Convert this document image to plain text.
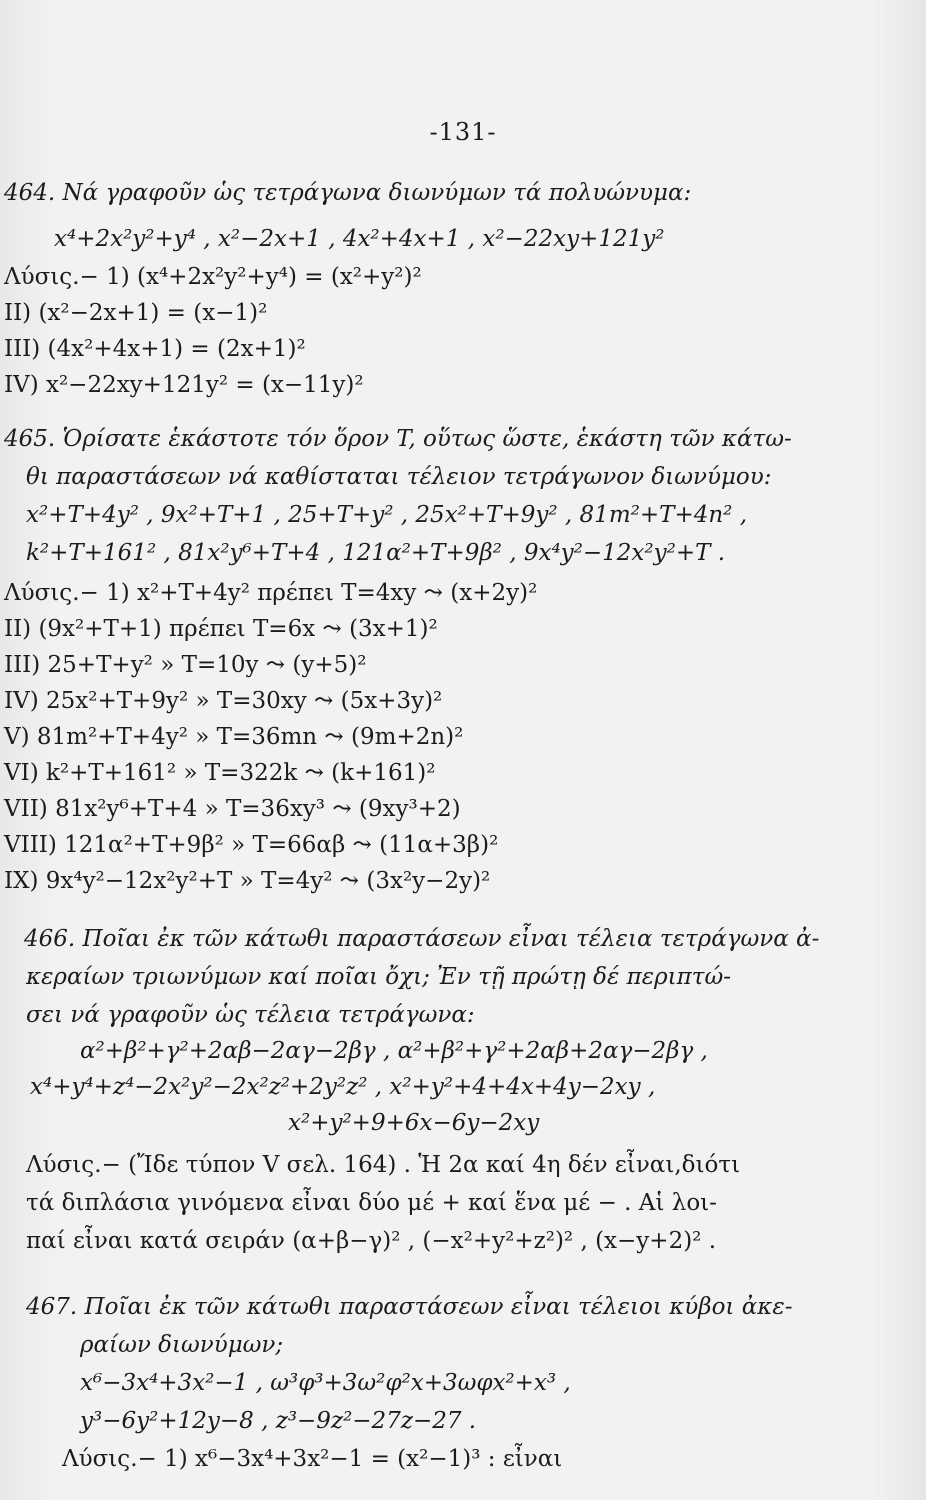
-131-
464. Νά γραφοῦν ὡς τετράγωνα διωνύμων τά πολυώνυμα:
x⁴+2x²y²+y⁴ , x²−2x+1 , 4x²+4x+1 , x²−22xy+121y²
Λύσις.− 1) (x⁴+2x²y²+y⁴) = (x²+y²)²
II) (x²−2x+1) = (x−1)²
III) (4x²+4x+1) = (2x+1)²
IV) x²−22xy+121y² = (x−11y)²
465. Ὁρίσατε ἑκάστοτε τόν ὅρον T, οὕτως ὥστε, ἑκάστη τῶν κάτω-
θι παραστάσεων νά καθίσταται τέλειον τετράγωνον διωνύμου:
x²+T+4y² , 9x²+T+1 , 25+T+y² , 25x²+T+9y² , 81m²+T+4n² ,
k²+T+161² , 81x²y⁶+T+4 , 121α²+T+9β² , 9x⁴y²−12x²y²+T .
Λύσις.− 1) x²+T+4y² πρέπει T=4xy ⤳ (x+2y)²
II) (9x²+T+1) πρέπει T=6x ⤳ (3x+1)²
III) 25+T+y² » T=10y ⤳ (y+5)²
IV) 25x²+T+9y² » T=30xy ⤳ (5x+3y)²
V) 81m²+T+4y² » T=36mn ⤳ (9m+2n)²
VI) k²+T+161² » T=322k ⤳ (k+161)²
VII) 81x²y⁶+T+4 » T=36xy³ ⤳ (9xy³+2)
VIII) 121α²+T+9β² » T=66αβ ⤳ (11α+3β)²
IX) 9x⁴y²−12x²y²+T » T=4y² ⤳ (3x²y−2y)²
466. Ποῖαι ἐκ τῶν κάτωθι παραστάσεων εἶναι τέλεια τετράγωνα ἀ-
κεραίων τριωνύμων καί ποῖαι ὄχι; Ἐν τῇ πρώτῃ δέ περιπτώ-
σει νά γραφοῦν ὡς τέλεια τετράγωνα:
α²+β²+γ²+2αβ−2αγ−2βγ , α²+β²+γ²+2αβ+2αγ−2βγ ,
x⁴+y⁴+z⁴−2x²y²−2x²z²+2y²z² , x²+y²+4+4x+4y−2xy ,
x²+y²+9+6x−6y−2xy
Λύσις.− (Ἴδε τύπον V σελ. 164) . Ἡ 2α καί 4η δέν εἶναι,διότι
τά διπλάσια γινόμενα εἶναι δύο μέ + καί ἕνα μέ − . Αἱ λοι-
παί εἶναι κατά σειράν (α+β−γ)² , (−x²+y²+z²)² , (x−y+2)² .
467. Ποῖαι ἐκ τῶν κάτωθι παραστάσεων εἶναι τέλειοι κύβοι ἀκε-
ραίων διωνύμων;
x⁶−3x⁴+3x²−1 , ω³φ³+3ω²φ²x+3ωφx²+x³ ,
y³−6y²+12y−8 , z³−9z²−27z−27 .
Λύσις.− 1) x⁶−3x⁴+3x²−1 = (x²−1)³ : εἶναι
